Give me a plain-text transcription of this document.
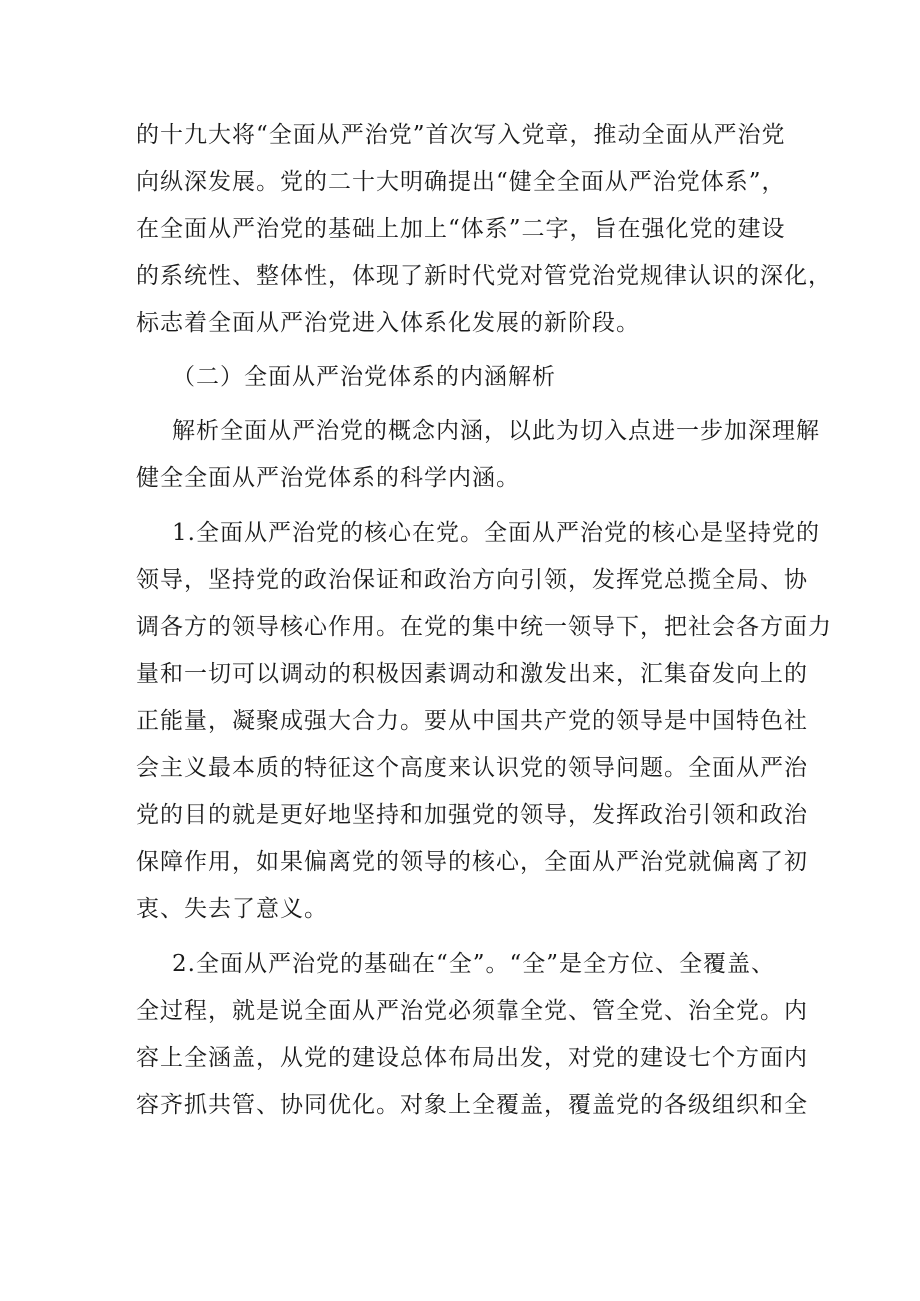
的十九大将“全面从严治党”首次写入党章，推动全面从严治党
向纵深发展。党的二十大明确提出“健全全面从严治党体系”，
在全面从严治党的基础上加上“体系”二字，旨在强化党的建设
的系统性、整体性，体现了新时代党对管党治党规律认识的深化，
标志着全面从严治党进入体系化发展的新阶段。

（二）全面从严治党体系的内涵解析

解析全面从严治党的概念内涵，以此为切入点进一步加深理解
健全全面从严治党体系的科学内涵。

1.全面从严治党的核心在党。全面从严治党的核心是坚持党的
领导，坚持党的政治保证和政治方向引领，发挥党总揽全局、协
调各方的领导核心作用。在党的集中统一领导下，把社会各方面力
量和一切可以调动的积极因素调动和激发出来，汇集奋发向上的
正能量，凝聚成强大合力。要从中国共产党的领导是中国特色社
会主义最本质的特征这个高度来认识党的领导问题。全面从严治
党的目的就是更好地坚持和加强党的领导，发挥政治引领和政治
保障作用，如果偏离党的领导的核心，全面从严治党就偏离了初
衷、失去了意义。

2.全面从严治党的基础在“全”。“全”是全方位、全覆盖、
全过程，就是说全面从严治党必须靠全党、管全党、治全党。内
容上全涵盖，从党的建设总体布局出发，对党的建设七个方面内
容齐抓共管、协同优化。对象上全覆盖，覆盖党的各级组织和全
